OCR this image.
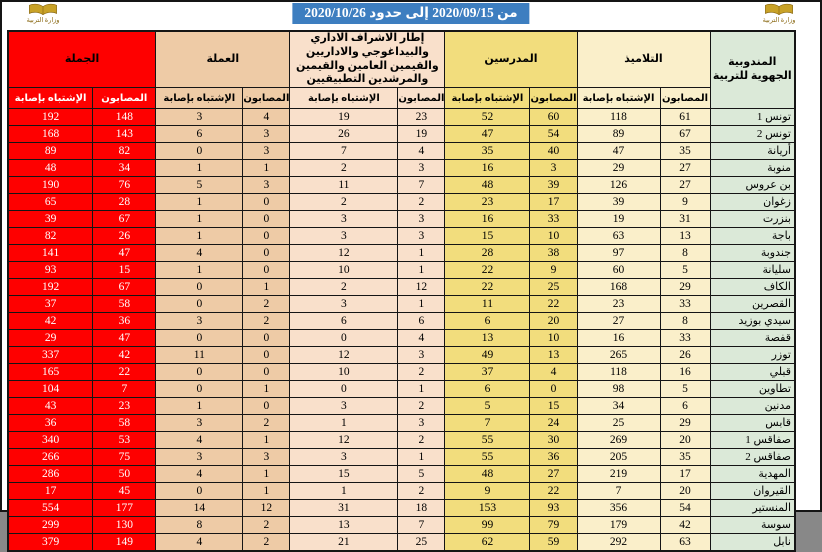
وزارة التربية
من 2020/09/15 إلى حدود 2020/10/26
وزارة التربية
المندوبية الجهوية للتربية	التلاميذ		المدرسين		إطار الاشراف الاداري والبيداغوجي والاداريين والقيمين العامين والقيمين والمرشدين التطبيقيين		العملة		الجملة	
	المصابون	الإشتباه بإصابة	المصابون	الإشتباه بإصابة	المصابون	الإشتباه بإصابة	المصابون	الإشتباه بإصابة	المصابون	الإشتباه بإصابة
تونس 1	61	118	60	52	23	19	4	3	148	192
تونس 2	67	89	54	47	19	26	3	6	143	168
أريانة	35	47	40	35	4	7	3	0	82	89
منوبة	27	29	3	16	3	2	1	1	34	48
بن عروس	27	126	39	48	7	11	3	5	76	190
زغوان	9	39	17	23	2	2	0	1	28	65
بنزرت	31	19	33	16	3	3	0	1	67	39
باجة	13	63	10	15	3	3	0	1	26	82
جندوبة	8	97	38	28	1	12	0	4	47	141
سليانة	5	60	9	22	1	10	0	1	15	93
الكاف	29	168	25	22	12	2	1	0	67	192
القصرين	33	23	22	11	1	3	2	0	58	37
سيدي بوزيد	8	27	20	6	6	6	2	3	36	42
قفصة	33	16	10	13	4	0	0	0	47	29
توزر	26	265	13	49	3	12	0	11	42	337
قبلي	16	118	4	37	2	10	0	0	22	165
تطاوين	5	98	0	6	1	0	1	0	7	104
مدنين	6	34	15	5	2	3	0	1	23	43
قابس	29	25	24	7	3	1	2	3	58	36
صفاقس 1	20	269	30	55	2	12	1	4	53	340
صفاقس 2	35	205	36	55	1	3	3	3	75	266
المهدية	17	219	27	48	5	15	1	4	50	286
القيروان	20	7	22	9	2	1	1	0	45	17
المنستير	54	356	93	153	18	31	12	14	177	554
سوسة	42	179	79	99	7	13	2	8	130	299
نابل	63	292	59	62	25	21	2	4	149	379
